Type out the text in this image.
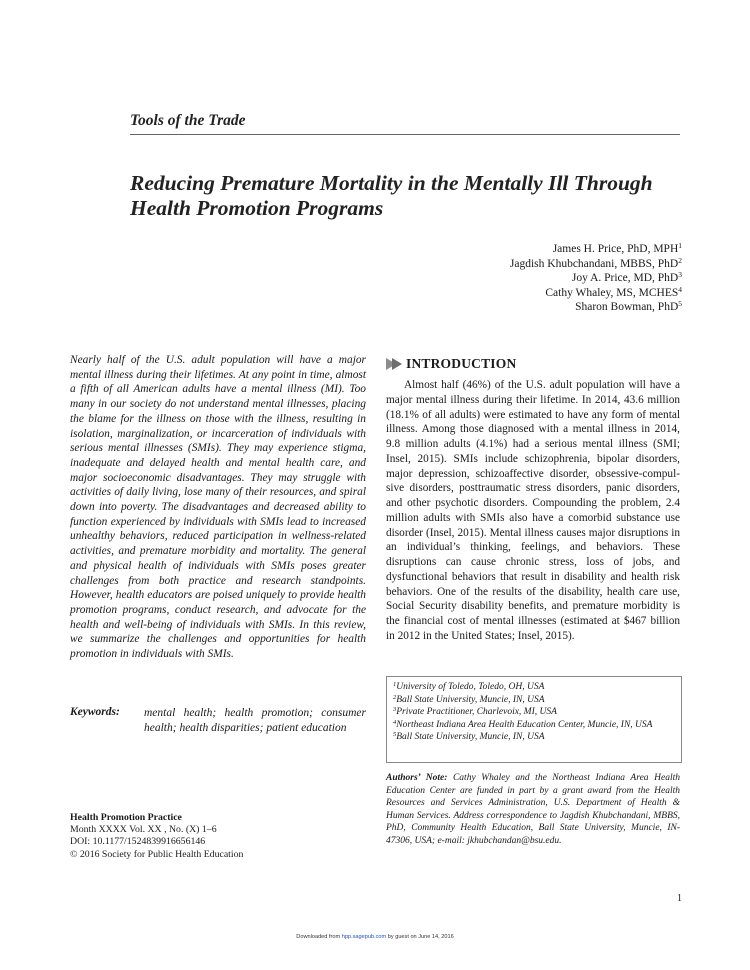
Tools of the Trade
Reducing Premature Mortality in the Mentally Ill Through Health Promotion Programs
James H. Price, PhD, MPH$^1$
Jagdish Khubchandani, MBBS, PhD$^2$
Joy A. Price, MD, PhD$^3$
Cathy Whaley, MS, MCHES$^4$
Sharon Bowman, PhD$^5$

Nearly half of the U.S. adult population will have a major mental illness during their lifetimes. At any point in time, almost a fifth of all American adults have a mental illness (MI). Too many in our society do not understand mental illnesses, placing the blame for the illness on those with the illness, resulting in isolation, marginalization, or incarceration of individuals with serious mental illnesses (SMIs). They may experience stigma, inadequate and delayed health and mental health care, and major socioeconomic disadvantages. They may struggle with activities of daily living, lose many of their resources, and spiral down into poverty. The disadvantages and decreased ability to function experienced by individuals with SMIs lead to increased unhealthy behaviors, reduced participation in wellness-related activities, and premature morbidity and mortality. The general and physical health of individuals with SMIs poses greater challenges from both practice and research standpoints. However, health educators are poised uniquely to provide health promotion programs, conduct research, and advocate for the health and well-being of individuals with SMIs. In this review, we summarize the challenges and opportunities for health promotion in individuals with SMIs.

Keywords: mental health; health promotion; consumer health; health disparities; patient education
Health Promotion Practice
Month XXXX Vol. XX , No. (X) 1–6
DOI: 10.1177/1524839916656146
© 2016 Society for Public Health Education
INTRODUCTION

Almost half (46%) of the U.S. adult population will have a major mental illness during their lifetime. In 2014, 43.6 million (18.1% of all adults) were estimated to have any form of mental illness. Among those diagnosed with a mental illness in 2014, 9.8 million adults (4.1%) had a serious mental illness (SMI; Insel, 2015). SMIs include schizophrenia, bipolar disorders, major depression, schizoaffective disorder, obsessive-compulsive disorders, posttraumatic stress disorders, panic disorders, and other psychotic disorders. Compounding the problem, 2.4 million adults with SMIs also have a comorbid substance use disorder (Insel, 2015). Mental illness causes major disruptions in an individual’s thinking, feelings, and behaviors. These disruptions can cause chronic stress, loss of jobs, and dysfunctional behaviors that result in disability and health risk behaviors. One of the results of the disability, health care use, Social Security disability benefits, and premature morbidity is the financial cost of mental illnesses (estimated at $467 billion in 2012 in the United States; Insel, 2015).

$^1$University of Toledo, Toledo, OH, USA
$^2$Ball State University, Muncie, IN, USA
$^3$Private Practitioner, Charlevoix, MI, USA
$^4$Northeast Indiana Area Health Education Center, Muncie, IN, USA
$^5$Ball State University, Muncie, IN, USA

Authors’ Note: Cathy Whaley and the Northeast Indiana Area Health Education Center are funded in part by a grant award from the Health Resources and Services Administration, U.S. Department of Health & Human Services. Address correspondence to Jagdish Khubchandani, MBBS, PhD, Community Health Education, Ball State University, Muncie, IN-47306, USA; e-mail: jkhubchandan@bsu.edu.

1
Downloaded from hpp.sagepub.com by guest on June 14, 2016
